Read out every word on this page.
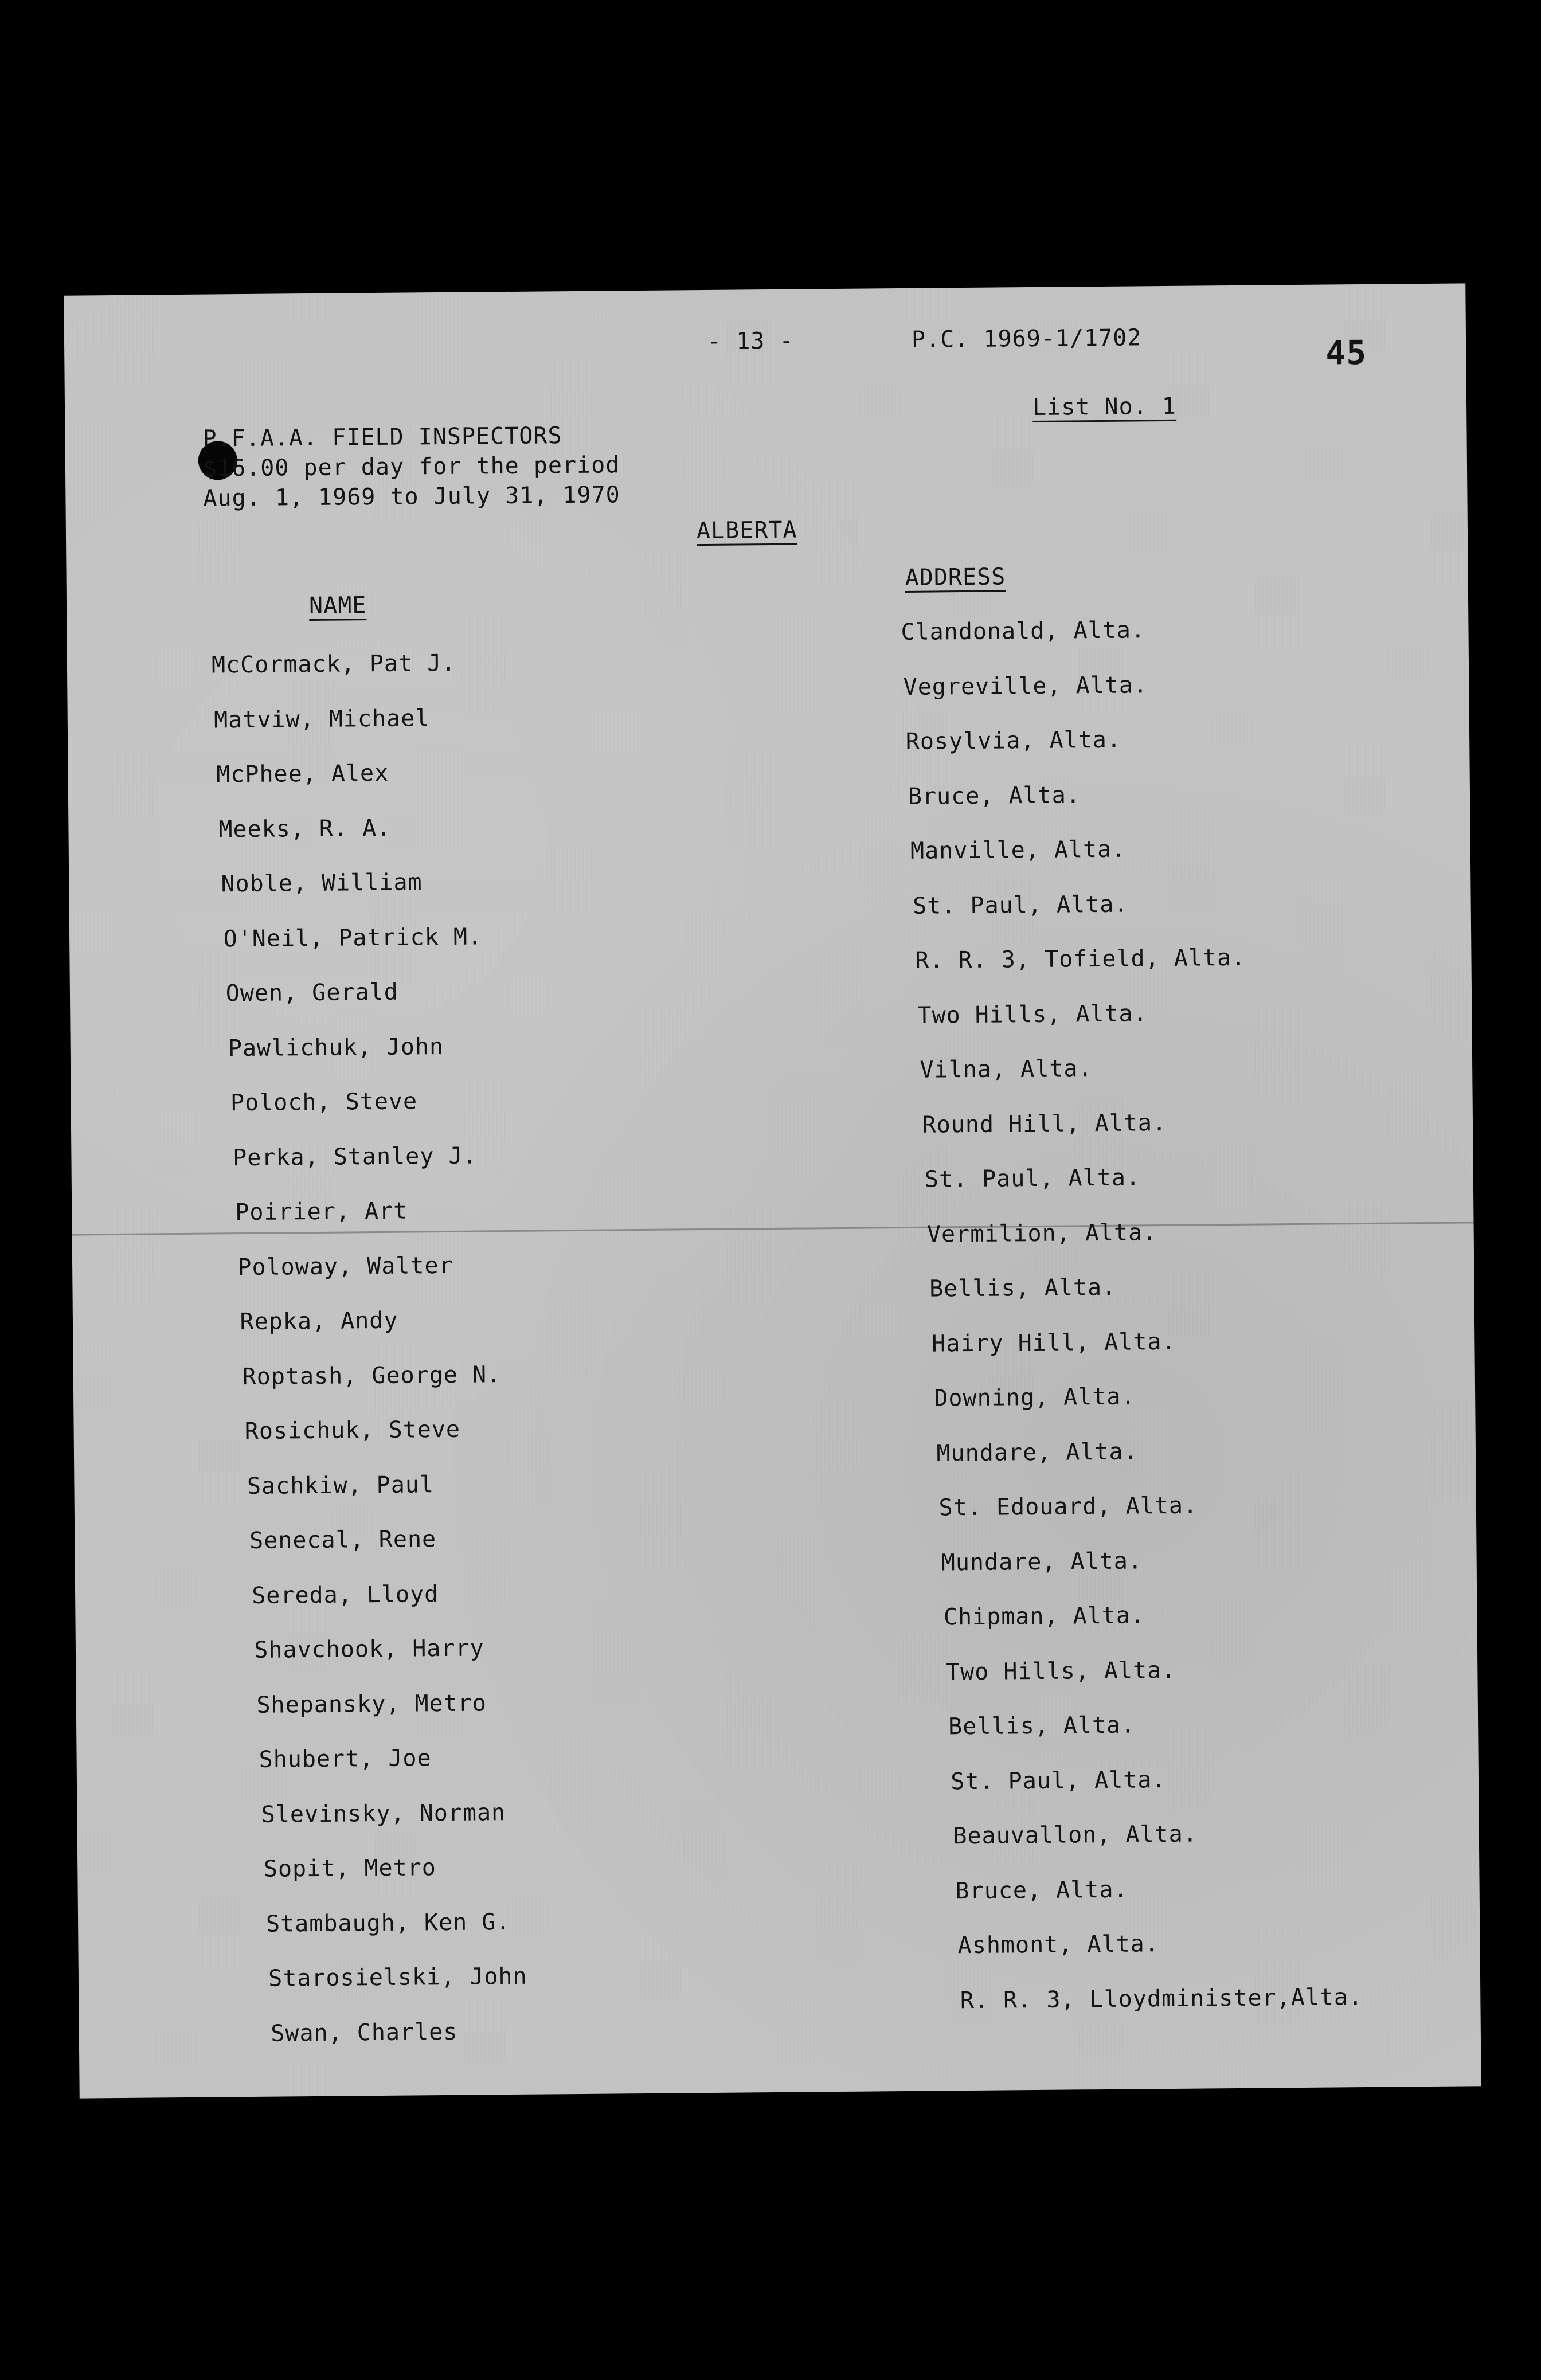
- 13 -	P.C. 1969-1/1702	45
List No. 1
P.F.A.A. FIELD INSPECTORS
$16.00 per day for the period
Aug. 1, 1969 to July 31, 1970
ALBERTA
NAME
ADDRESS
McCormack, Pat J.
Matviw, Michael
McPhee, Alex
Meeks, R. A.
Noble, William
O'Neil, Patrick M.
Owen, Gerald
Pawlichuk, John
Poloch, Steve
Perka, Stanley J.
Poirier, Art
Poloway, Walter
Repka, Andy
Roptash, George N.
Rosichuk, Steve
Sachkiw, Paul
Senecal, Rene
Sereda, Lloyd
Shavchook, Harry
Shepansky, Metro
Shubert, Joe
Slevinsky, Norman
Sopit, Metro
Stambaugh, Ken G.
Starosielski, John
Swan, Charles
Clandonald, Alta.
Vegreville, Alta.
Rosylvia, Alta.
Bruce, Alta.
Manville, Alta.
St. Paul, Alta.
R. R. 3, Tofield, Alta.
Two Hills, Alta.
Vilna, Alta.
Round Hill, Alta.
St. Paul, Alta.
Vermilion, Alta.
Bellis, Alta.
Hairy Hill, Alta.
Downing, Alta.
Mundare, Alta.
St. Edouard, Alta.
Mundare, Alta.
Chipman, Alta.
Two Hills, Alta.
Bellis, Alta.
St. Paul, Alta.
Beauvallon, Alta.
Bruce, Alta.
Ashmont, Alta.
R. R. 3, Lloydminister,Alta.
